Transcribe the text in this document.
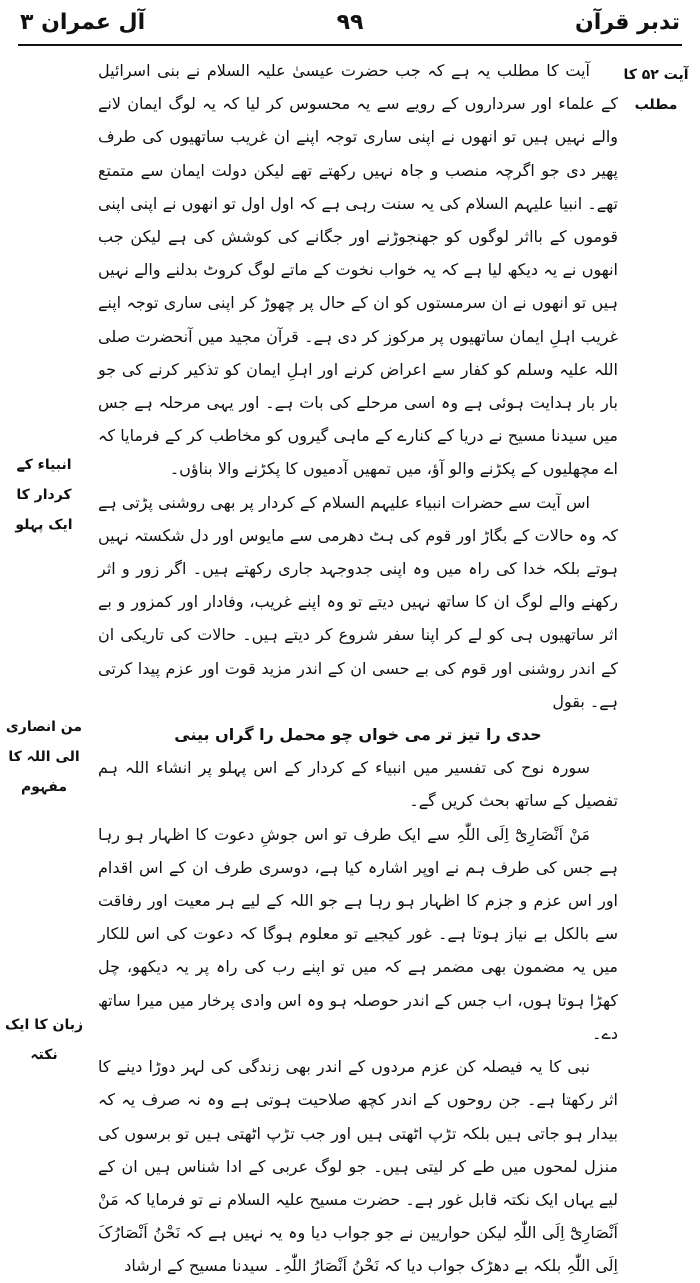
تدبر قرآن
۹۹
آل عمران ۳
آیت ۵۲ کا مطلب
انبیاء کے کردار کا ایک پہلو
من انصاری الی اللہ کا مفہوم
زبان کا ایک نکتہ

آیت کا مطلب یہ ہے کہ جب حضرت عیسیٰ علیہ السلام نے بنی اسرائیل کے علماء اور سرداروں کے رویے سے یہ محسوس کر لیا کہ یہ لوگ ایمان لانے والے نہیں ہیں تو انھوں نے اپنی ساری توجہ اپنے ان غریب ساتھیوں کی طرف پھیر دی جو اگرچہ منصب و جاہ نہیں رکھتے تھے لیکن دولت ایمان سے متمتع تھے۔ انبیا علیہم السلام کی یہ سنت رہی ہے کہ اول اول تو انھوں نے اپنی اپنی قوموں کے بااثر لوگوں کو جھنجوڑنے اور جگانے کی کوشش کی ہے لیکن جب انھوں نے یہ دیکھ لیا ہے کہ یہ خواب نخوت کے ماتے لوگ کروٹ بدلنے والے نہیں ہیں تو انھوں نے ان سرمستوں کو ان کے حال پر چھوڑ کر اپنی ساری توجہ اپنے غریب اہلِ ایمان ساتھیوں پر مرکوز کر دی ہے۔ قرآن مجید میں آنحضرت صلی اللہ علیہ وسلم کو کفار سے اعراض کرنے اور اہلِ ایمان کو تذکیر کرنے کی جو بار بار ہدایت ہوئی ہے وہ اسی مرحلے کی بات ہے۔ اور یہی مرحلہ ہے جس میں سیدنا مسیح نے دریا کے کنارے کے ماہی گیروں کو مخاطب کر کے فرمایا کہ اے مچھلیوں کے پکڑنے والو آؤ، میں تمھیں آدمیوں کا پکڑنے والا بناؤں۔

اس آیت سے حضرات انبیاء علیہم السلام کے کردار پر بھی روشنی پڑتی ہے کہ وہ حالات کے بگاڑ اور قوم کی ہٹ دھرمی سے مایوس اور دل شکستہ نہیں ہوتے بلکہ خدا کی راہ میں وہ اپنی جدوجہد جاری رکھتے ہیں۔ اگر زور و اثر رکھنے والے لوگ ان کا ساتھ نہیں دیتے تو وہ اپنے غریب، وفادار اور کمزور و بے اثر ساتھیوں ہی کو لے کر اپنا سفر شروع کر دیتے ہیں۔ حالات کی تاریکی ان کے اندر روشنی اور قوم کی بے حسی ان کے اندر مزید قوت اور عزم پیدا کرتی ہے۔ بقول

حدی را تیز تر می خواں چو محمل را گراں بینی

سورہ نوح کی تفسیر میں انبیاء کے کردار کے اس پہلو پر انشاء اللہ ہم تفصیل کے ساتھ بحث کریں گے۔

مَنْ اَنْصَارِیْٓ اِلَی اللّٰہِ سے ایک طرف تو اس جوشِ دعوت کا اظہار ہو رہا ہے جس کی طرف ہم نے اوپر اشارہ کیا ہے، دوسری طرف ان کے اس اقدام اور اس عزم و جزم کا اظہار ہو رہا ہے جو اللہ کے لیے ہر معیت اور رفاقت سے بالکل بے نیاز ہوتا ہے۔ غور کیجیے تو معلوم ہوگا کہ دعوت کی اس للکار میں یہ مضمون بھی مضمر ہے کہ میں تو اپنے رب کی راہ پر یہ دیکھو، چل کھڑا ہوتا ہوں، اب جس کے اندر حوصلہ ہو وہ اس وادی پرخار میں میرا ساتھ دے۔

نبی کا یہ فیصلہ کن عزم مردوں کے اندر بھی زندگی کی لہر دوڑا دینے کا اثر رکھتا ہے۔ جن روحوں کے اندر کچھ صلاحیت ہوتی ہے وہ نہ صرف یہ کہ بیدار ہو جاتی ہیں بلکہ تڑپ اٹھتی ہیں اور جب تڑپ اٹھتی ہیں تو برسوں کی منزل لمحوں میں طے کر لیتی ہیں۔ جو لوگ عربی کے ادا شناس ہیں ان کے لیے یہاں ایک نکتہ قابل غور ہے۔ حضرت مسیح علیہ السلام نے تو فرمایا کہ مَنْ اَنْصَارِیْٓ اِلَی اللّٰہِ لیکن حواریین نے جو جواب دیا وہ یہ نہیں ہے کہ نَحْنُ اَنْصَارُکَ اِلَی اللّٰہِ بلکہ بے دھڑک جواب دیا کہ نَحْنُ اَنْصَارُ اللّٰہِ۔ سیدنا مسیح کے ارشاد
